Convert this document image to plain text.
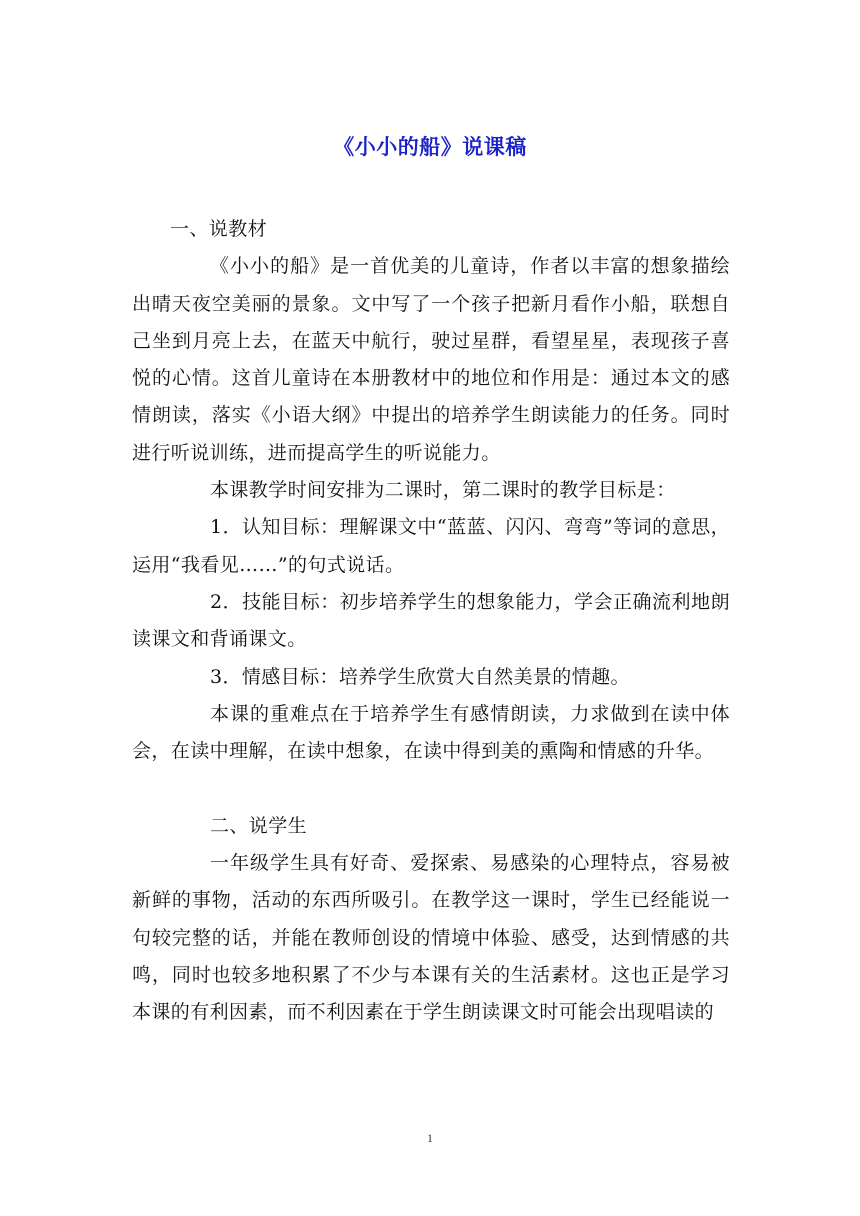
《小小的船》说课稿

一、说教材

《小小的船》是一首优美的儿童诗，作者以丰富的想象描绘出晴天夜空美丽的景象。文中写了一个孩子把新月看作小船，联想自己坐到月亮上去，在蓝天中航行，驶过星群，看望星星，表现孩子喜悦的心情。这首儿童诗在本册教材中的地位和作用是：通过本文的感情朗读，落实《小语大纲》中提出的培养学生朗读能力的任务。同时进行听说训练，进而提高学生的听说能力。

本课教学时间安排为二课时，第二课时的教学目标是：

1．认知目标：理解课文中“蓝蓝、闪闪、弯弯”等词的意思，运用“我看见……”的句式说话。

2．技能目标：初步培养学生的想象能力，学会正确流利地朗读课文和背诵课文。

3．情感目标：培养学生欣赏大自然美景的情趣。

本课的重难点在于培养学生有感情朗读，力求做到在读中体会，在读中理解，在读中想象，在读中得到美的熏陶和情感的升华。

二、说学生

一年级学生具有好奇、爱探索、易感染的心理特点，容易被新鲜的事物，活动的东西所吸引。在教学这一课时，学生已经能说一句较完整的话，并能在教师创设的情境中体验、感受，达到情感的共鸣，同时也较多地积累了不少与本课有关的生活素材。这也正是学习本课的有利因素，而不利因素在于学生朗读课文时可能会出现唱读的

1
